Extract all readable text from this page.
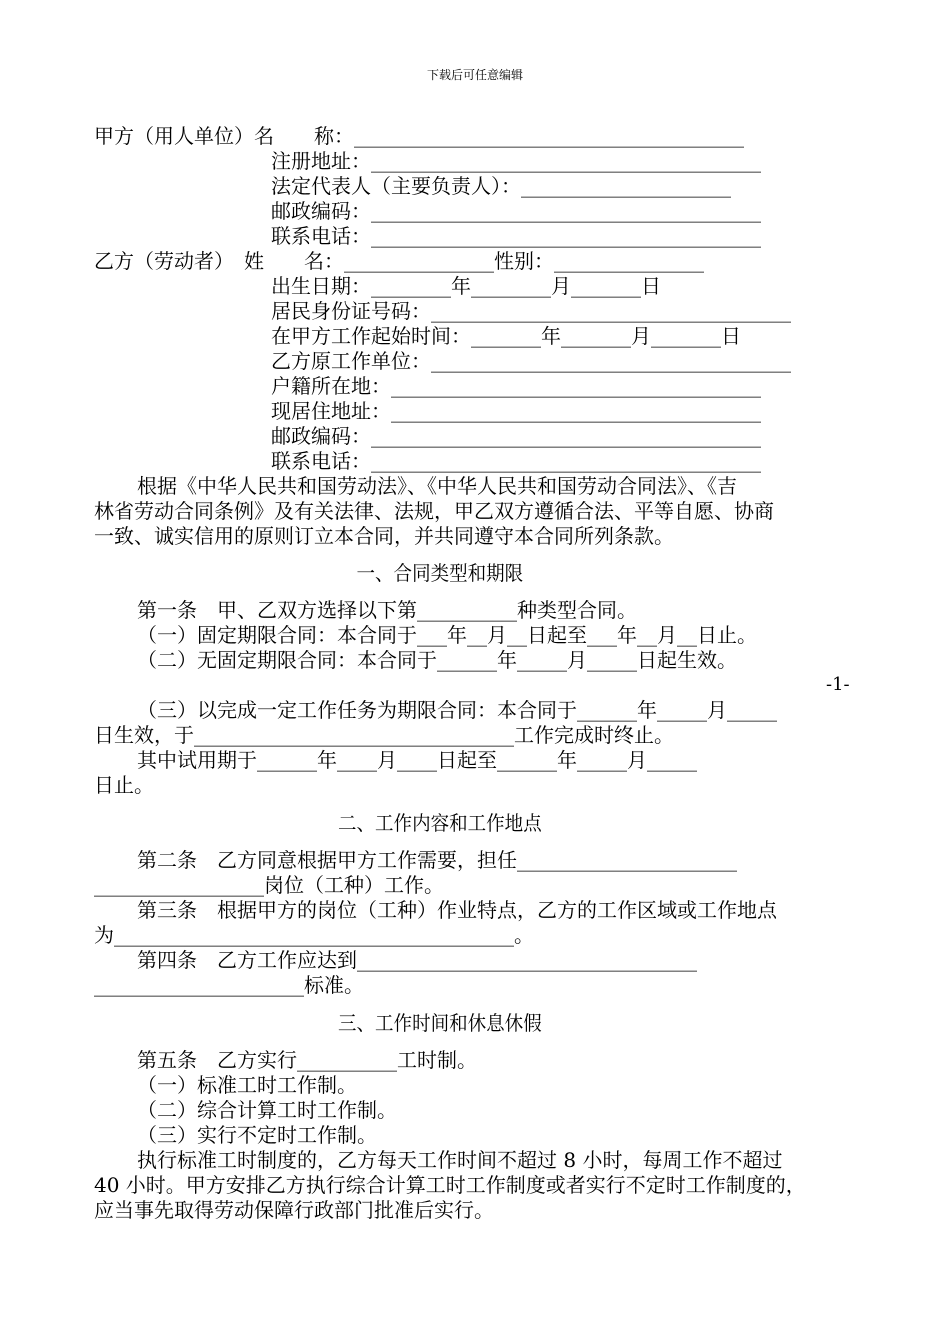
下载后可任意编辑
甲方（用人单位）名　　称：_______________________________________
注册地址：_______________________________________
法定代表人（主要负责人）：_____________________
邮政编码：_______________________________________
联系电话：_______________________________________
乙方（劳动者）　姓　　名：_______________性别：_______________
出生日期：________年________月_______日
居民身份证号码：____________________________________
在甲方工作起始时间：_______年_______月_______日
乙方原工作单位：____________________________________
户籍所在地：_____________________________________
现居住地址：_____________________________________
邮政编码：_______________________________________
联系电话：_______________________________________
根据《中华人民共和国劳动法》、《中华人民共和国劳动合同法》、《吉
林省劳动合同条例》及有关法律、法规，甲乙双方遵循合法、平等自愿、协商
一致、诚实信用的原则订立本合同，并共同遵守本合同所列条款。
一、合同类型和期限
第一条　甲、乙双方选择以下第__________种类型合同。
（一）固定期限合同：本合同于___年__月__日起至___年__月__日止。
（二）无固定期限合同：本合同于______年_____月_____日起生效。
-1-
（三）以完成一定工作任务为期限合同：本合同于______年_____月_____
日生效，于________________________________工作完成时终止。
其中试用期于______年____月____日起至______年_____月_____
日止。
二、工作内容和工作地点
第二条　乙方同意根据甲方工作需要，担任______________________
_________________岗位（工种）工作。
第三条　根据甲方的岗位（工种）作业特点，乙方的工作区域或工作地点
为________________________________________。
第四条　乙方工作应达到__________________________________
_____________________标准。
三、工作时间和休息休假
第五条　乙方实行__________工时制。
（一）标准工时工作制。
（二）综合计算工时工作制。
（三）实行不定时工作制。
执行标准工时制度的，乙方每天工作时间不超过 8 小时，每周工作不超过
40 小时。甲方安排乙方执行综合计算工时工作制度或者实行不定时工作制度的，
应当事先取得劳动保障行政部门批准后实行。
